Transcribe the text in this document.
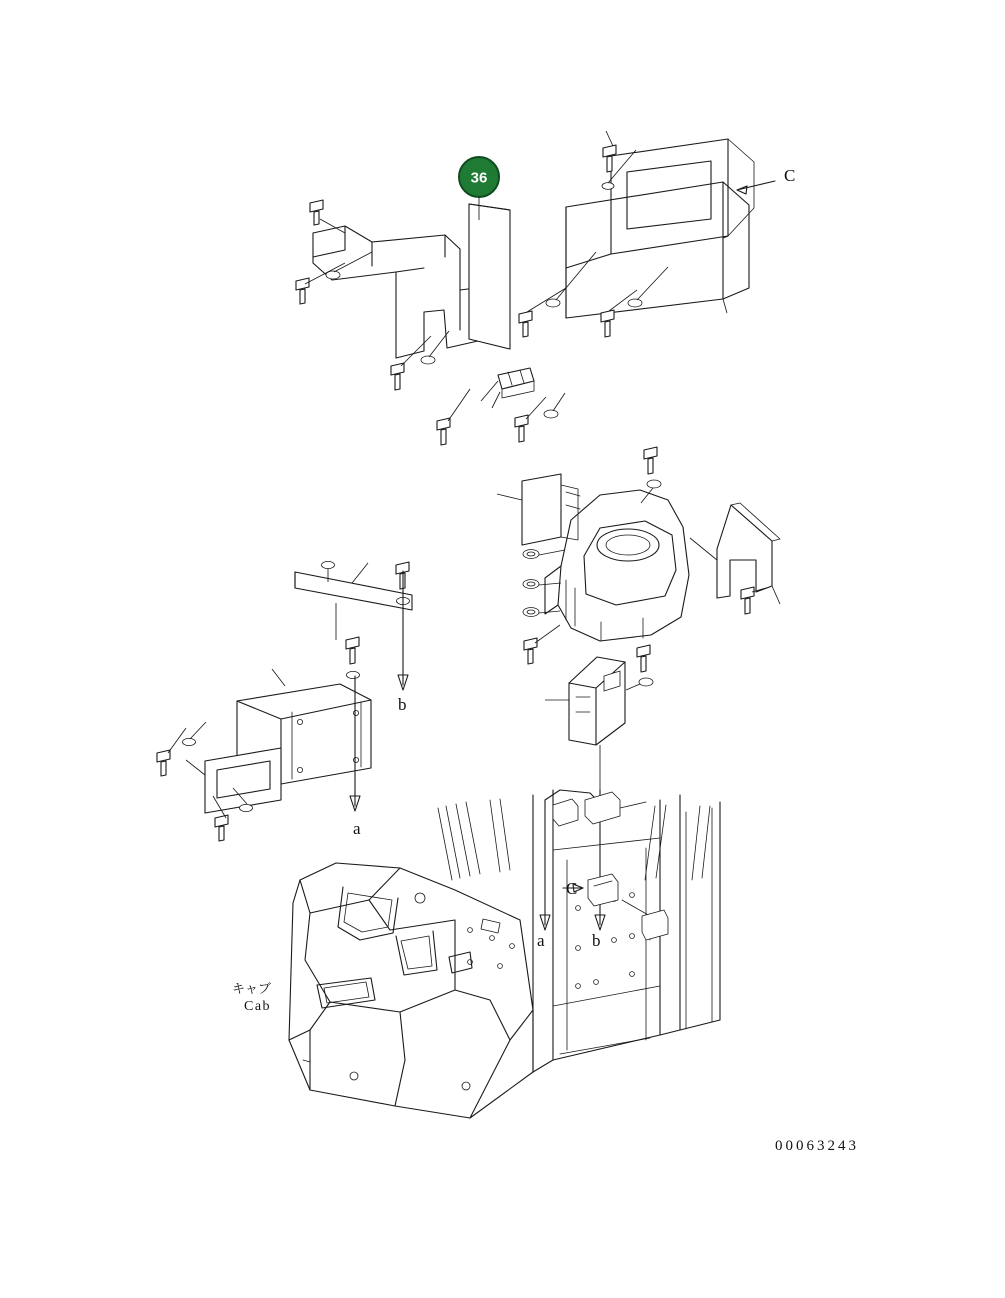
C
36
b
a
a	b
C
キャブ
Cab
00063243
